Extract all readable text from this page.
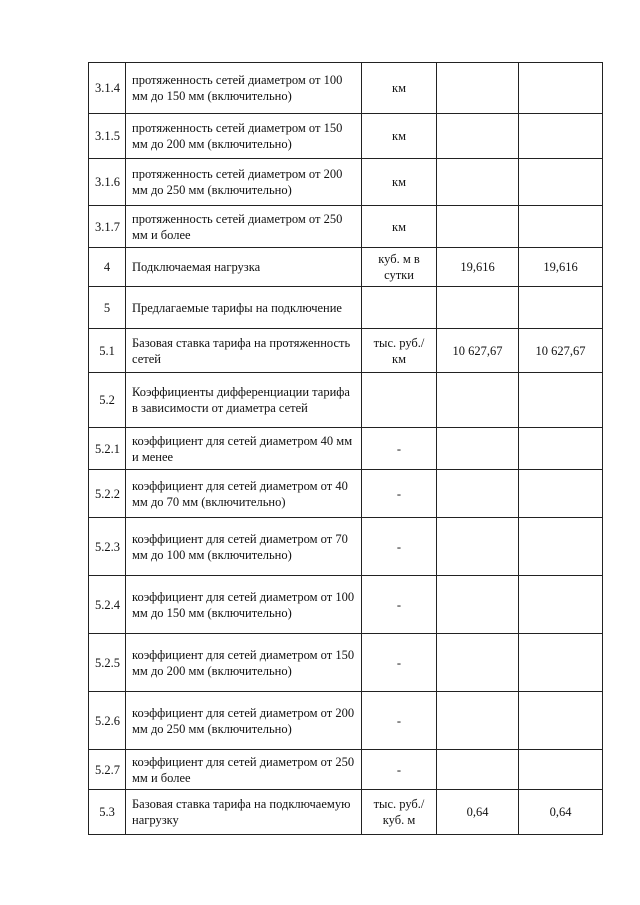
3.1.4	протяженность сетей диаметром от 100 мм до 150 мм (включительно)	км		
3.1.5	протяженность сетей диаметром от 150 мм до 200 мм (включительно)	км		
3.1.6	протяженность сетей диаметром от 200 мм до 250 мм (включительно)	км		
3.1.7	протяженность сетей диаметром от 250 мм и более	км		
4	Подключаемая нагрузка	куб. м в сутки	19,616	19,616
5	Предлагаемые тарифы на подключение			
5.1	Базовая ставка тарифа на протяженность сетей	тыс. руб./км	10 627,67	10 627,67
5.2	Коэффициенты дифференциации тарифа в зависимости от диаметра сетей			
5.2.1	коэффициент для сетей диаметром 40 мм и менее	-		
5.2.2	коэффициент для сетей диаметром от 40 мм до 70 мм (включительно)	-		
5.2.3	коэффициент для сетей диаметром от 70 мм до 100 мм (включительно)	-		
5.2.4	коэффициент для сетей диаметром от 100 мм до 150 мм (включительно)	-		
5.2.5	коэффициент для сетей диаметром от 150 мм до 200 мм (включительно)	-		
5.2.6	коэффициент для сетей диаметром от 200 мм до 250 мм (включительно)	-		
5.2.7	коэффициент для сетей диаметром от 250 мм и более	-		
5.3	Базовая ставка тарифа на подключаемую нагрузку	тыс. руб./ куб. м	0,64	0,64
